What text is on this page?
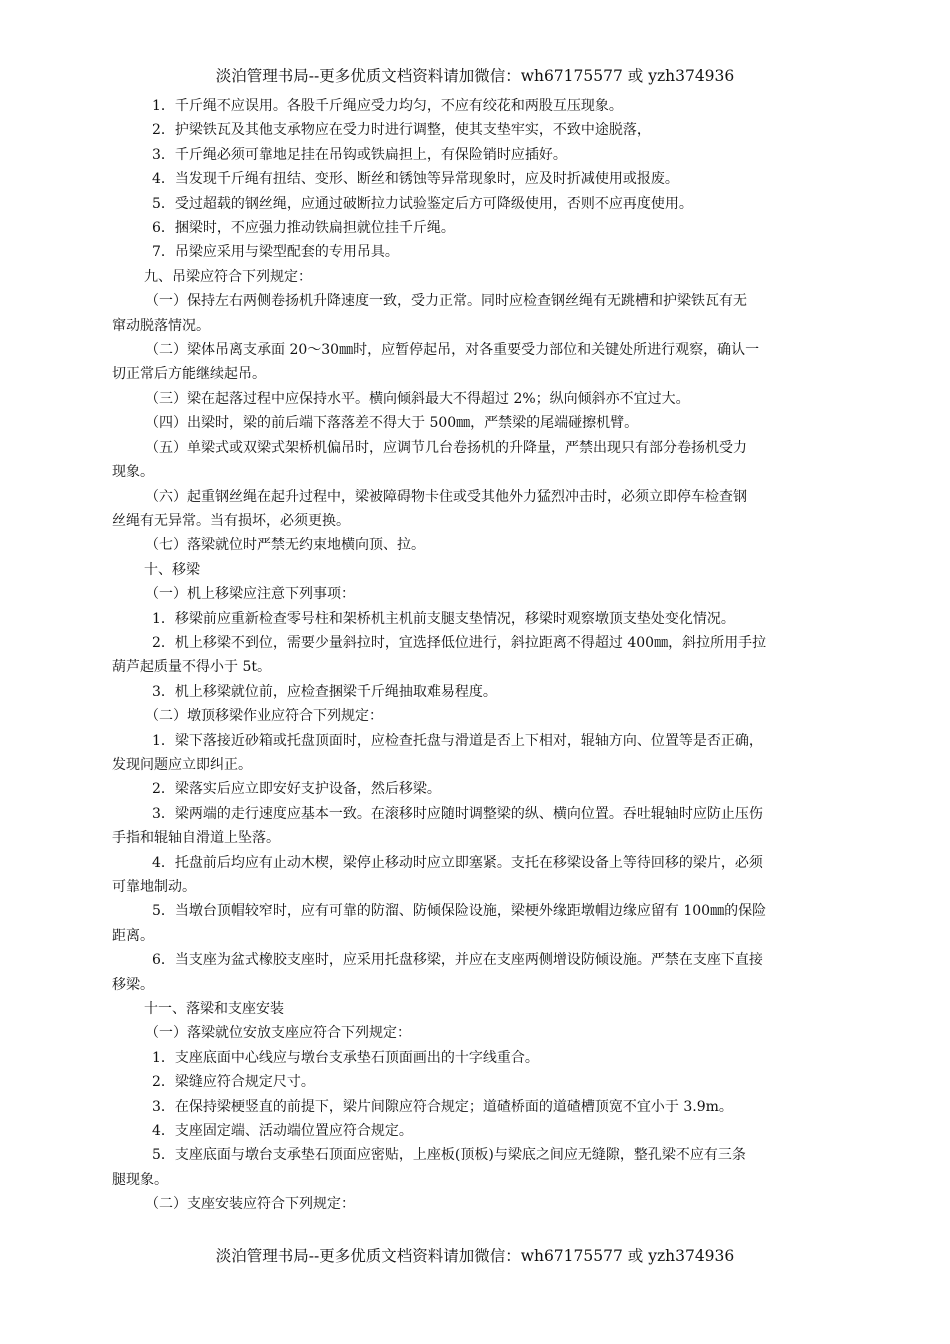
淡泊管理书局--更多优质文档资料请加微信：wh67175577 或 yzh374936
1．千斤绳不应误用。各股千斤绳应受力均匀，不应有绞花和两股互压现象。
2．护梁铁瓦及其他支承物应在受力时进行调整，使其支垫牢实，不致中途脱落，
3．千斤绳必须可靠地足挂在吊钩或铁扁担上，有保险销时应插好。
4．当发现千斤绳有扭结、变形、断丝和锈蚀等异常现象时，应及时折减使用或报废。
5．受过超载的钢丝绳，应通过破断拉力试验鉴定后方可降级使用，否则不应再度使用。
6．捆梁时，不应强力推动铁扁担就位挂千斤绳。
7．吊梁应采用与梁型配套的专用吊具。
九、吊梁应符合下列规定：
（一）保持左右两侧卷扬机升降速度一致，受力正常。同时应检查钢丝绳有无跳槽和护梁铁瓦有无
窜动脱落情况。
（二）梁体吊离支承面 20～30㎜时，应暂停起吊，对各重要受力部位和关键处所进行观察，确认一
切正常后方能继续起吊。
（三）梁在起落过程中应保持水平。横向倾斜最大不得超过 2%；纵向倾斜亦不宜过大。
（四）出梁时，梁的前后端下落落差不得大于 500㎜，严禁梁的尾端碰擦机臂。
（五）单梁式或双梁式架桥机偏吊时，应调节几台卷扬机的升降量，严禁出现只有部分卷扬机受力
现象。
（六）起重钢丝绳在起升过程中，梁被障碍物卡住或受其他外力猛烈冲击时，必须立即停车检查钢
丝绳有无异常。当有损坏，必须更换。
（七）落梁就位时严禁无约束地横向顶、拉。
十、移梁
（一）机上移梁应注意下列事项：
1．移梁前应重新检查零号柱和架桥机主机前支腿支垫情况，移梁时观察墩顶支垫处变化情况。
2．机上移梁不到位，需要少量斜拉时，宜选择低位进行，斜拉距离不得超过 400㎜，斜拉所用手拉
葫芦起质量不得小于 5t。
3．机上移梁就位前，应检查捆梁千斤绳抽取难易程度。
（二）墩顶移梁作业应符合下列规定：
1．梁下落接近砂箱或托盘顶面时，应检查托盘与滑道是否上下相对，辊轴方向、位置等是否正确，
发现问题应立即纠正。
2．梁落实后应立即安好支护设备，然后移梁。
3．梁两端的走行速度应基本一致。在滚移时应随时调整梁的纵、横向位置。吞吐辊轴时应防止压伤
手指和辊轴自滑道上坠落。
4．托盘前后均应有止动木楔，梁停止移动时应立即塞紧。支托在移梁设备上等待回移的梁片，必须
可靠地制动。
5．当墩台顶帽较窄时，应有可靠的防溜、防倾保险设施，梁梗外缘距墩帽边缘应留有 100㎜的保险
距离。
6．当支座为盆式橡胶支座时，应采用托盘移梁，并应在支座两侧增设防倾设施。严禁在支座下直接
移梁。
十一、落梁和支座安装
（一）落梁就位安放支座应符合下列规定：
1．支座底面中心线应与墩台支承垫石顶面画出的十字线重合。
2．梁缝应符合规定尺寸。
3．在保持梁梗竖直的前提下，梁片间隙应符合规定；道碴桥面的道碴槽顶宽不宜小于 3.9m。
4．支座固定端、活动端位置应符合规定。
5．支座底面与墩台支承垫石顶面应密贴，上座板(顶板)与梁底之间应无缝隙，整孔梁不应有三条
腿现象。
（二）支座安装应符合下列规定：
淡泊管理书局--更多优质文档资料请加微信：wh67175577 或 yzh374936
